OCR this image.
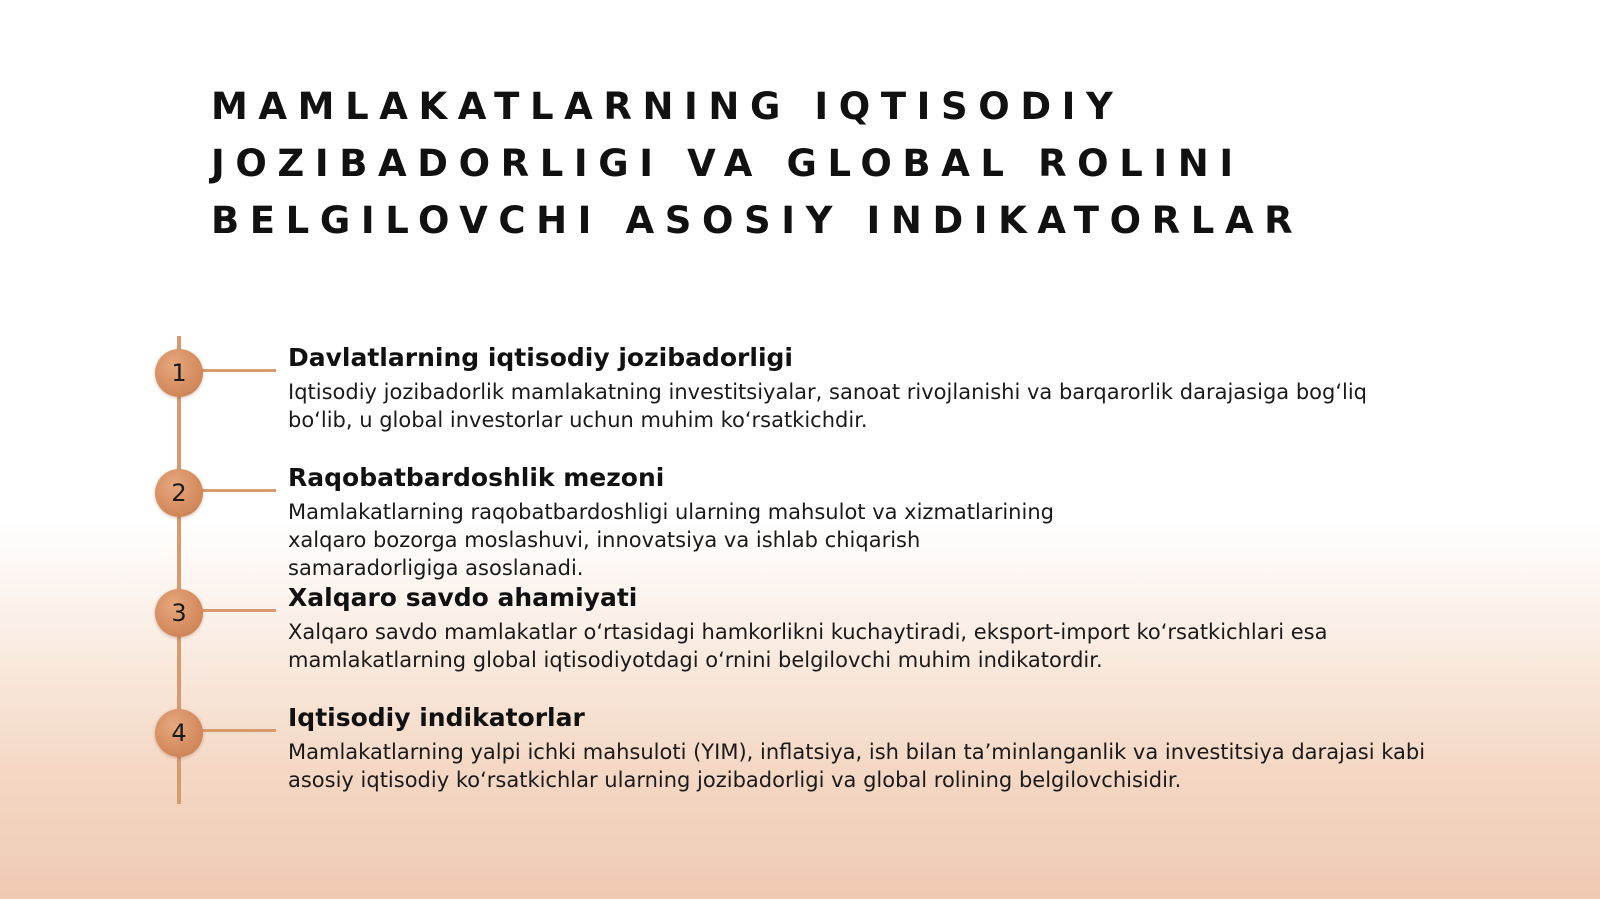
MAMLAKATLARNING IQTISODIY JOZIBADORLIGI VA GLOBAL ROLINI BELGILOVCHI ASOSIY INDIKATORLAR
1
Davlatlarning iqtisodiy jozibadorligi

Iqtisodiy jozibadorlik mamlakatning investitsiyalar, sanoat rivojlanishi va barqarorlik darajasiga bog‘liq bo‘lib, u global investorlar uchun muhim ko‘rsatkichdir.

2
Raqobatbardoshlik mezoni

Mamlakatlarning raqobatbardoshligi ularning mahsulot va xizmatlarining xalqaro bozorga moslashuvi, innovatsiya va ishlab chiqarish samaradorligiga asoslanadi.

3
Xalqaro savdo ahamiyati

Xalqaro savdo mamlakatlar o‘rtasidagi hamkorlikni kuchaytiradi, eksport-import ko‘rsatkichlari esa mamlakatlarning global iqtisodiyotdagi o‘rnini belgilovchi muhim indikatordir.

4
Iqtisodiy indikatorlar

Mamlakatlarning yalpi ichki mahsuloti (YIM), inflatsiya, ish bilan ta’minlanganlik va investitsiya darajasi kabi asosiy iqtisodiy ko‘rsatkichlar ularning jozibadorligi va global rolining belgilovchisidir.
